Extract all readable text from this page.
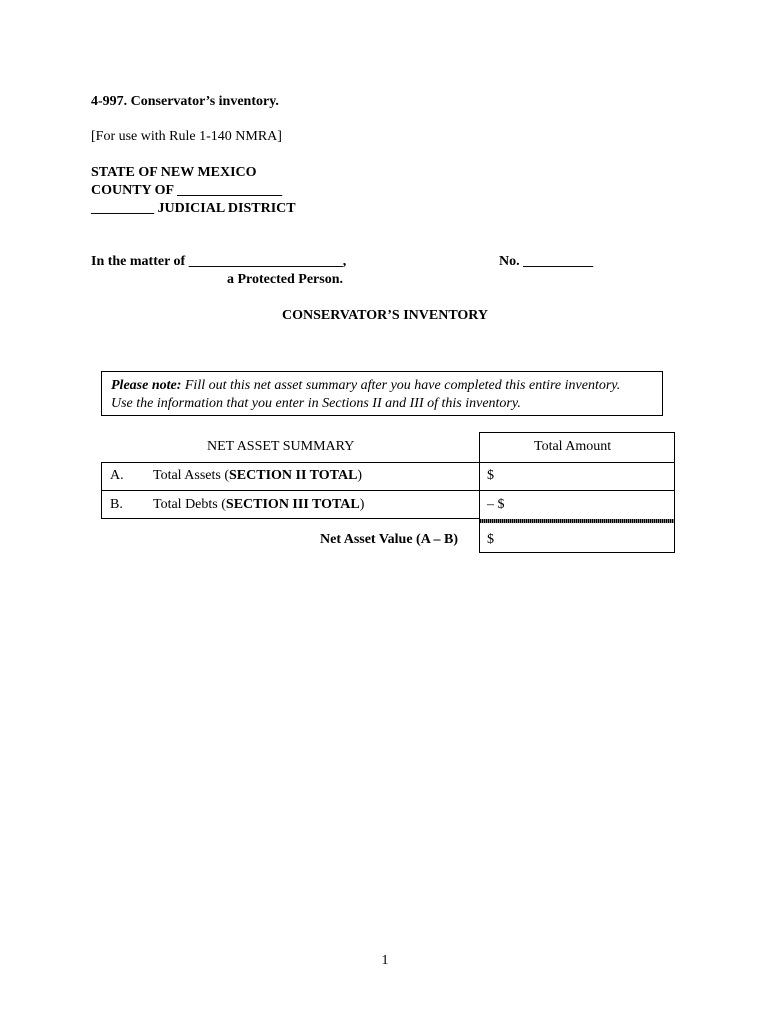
4-997. Conservator’s inventory.
[For use with Rule 1-140 NMRA]
STATE OF NEW MEXICO
COUNTY OF _______________
_________ JUDICIAL DISTRICT
In the matter of ______________________,
a Protected Person.
No. __________
CONSERVATOR’S INVENTORY
Please note: Fill out this net asset summary after you have completed this entire inventory.
Use the information that you enter in Sections II and III of this inventory.
NET ASSET SUMMARY	Total Amount
A. Total Assets (SECTION II TOTAL)	$
B. Total Debts (SECTION III TOTAL)	– $
Net Asset Value (A – B) $
1
